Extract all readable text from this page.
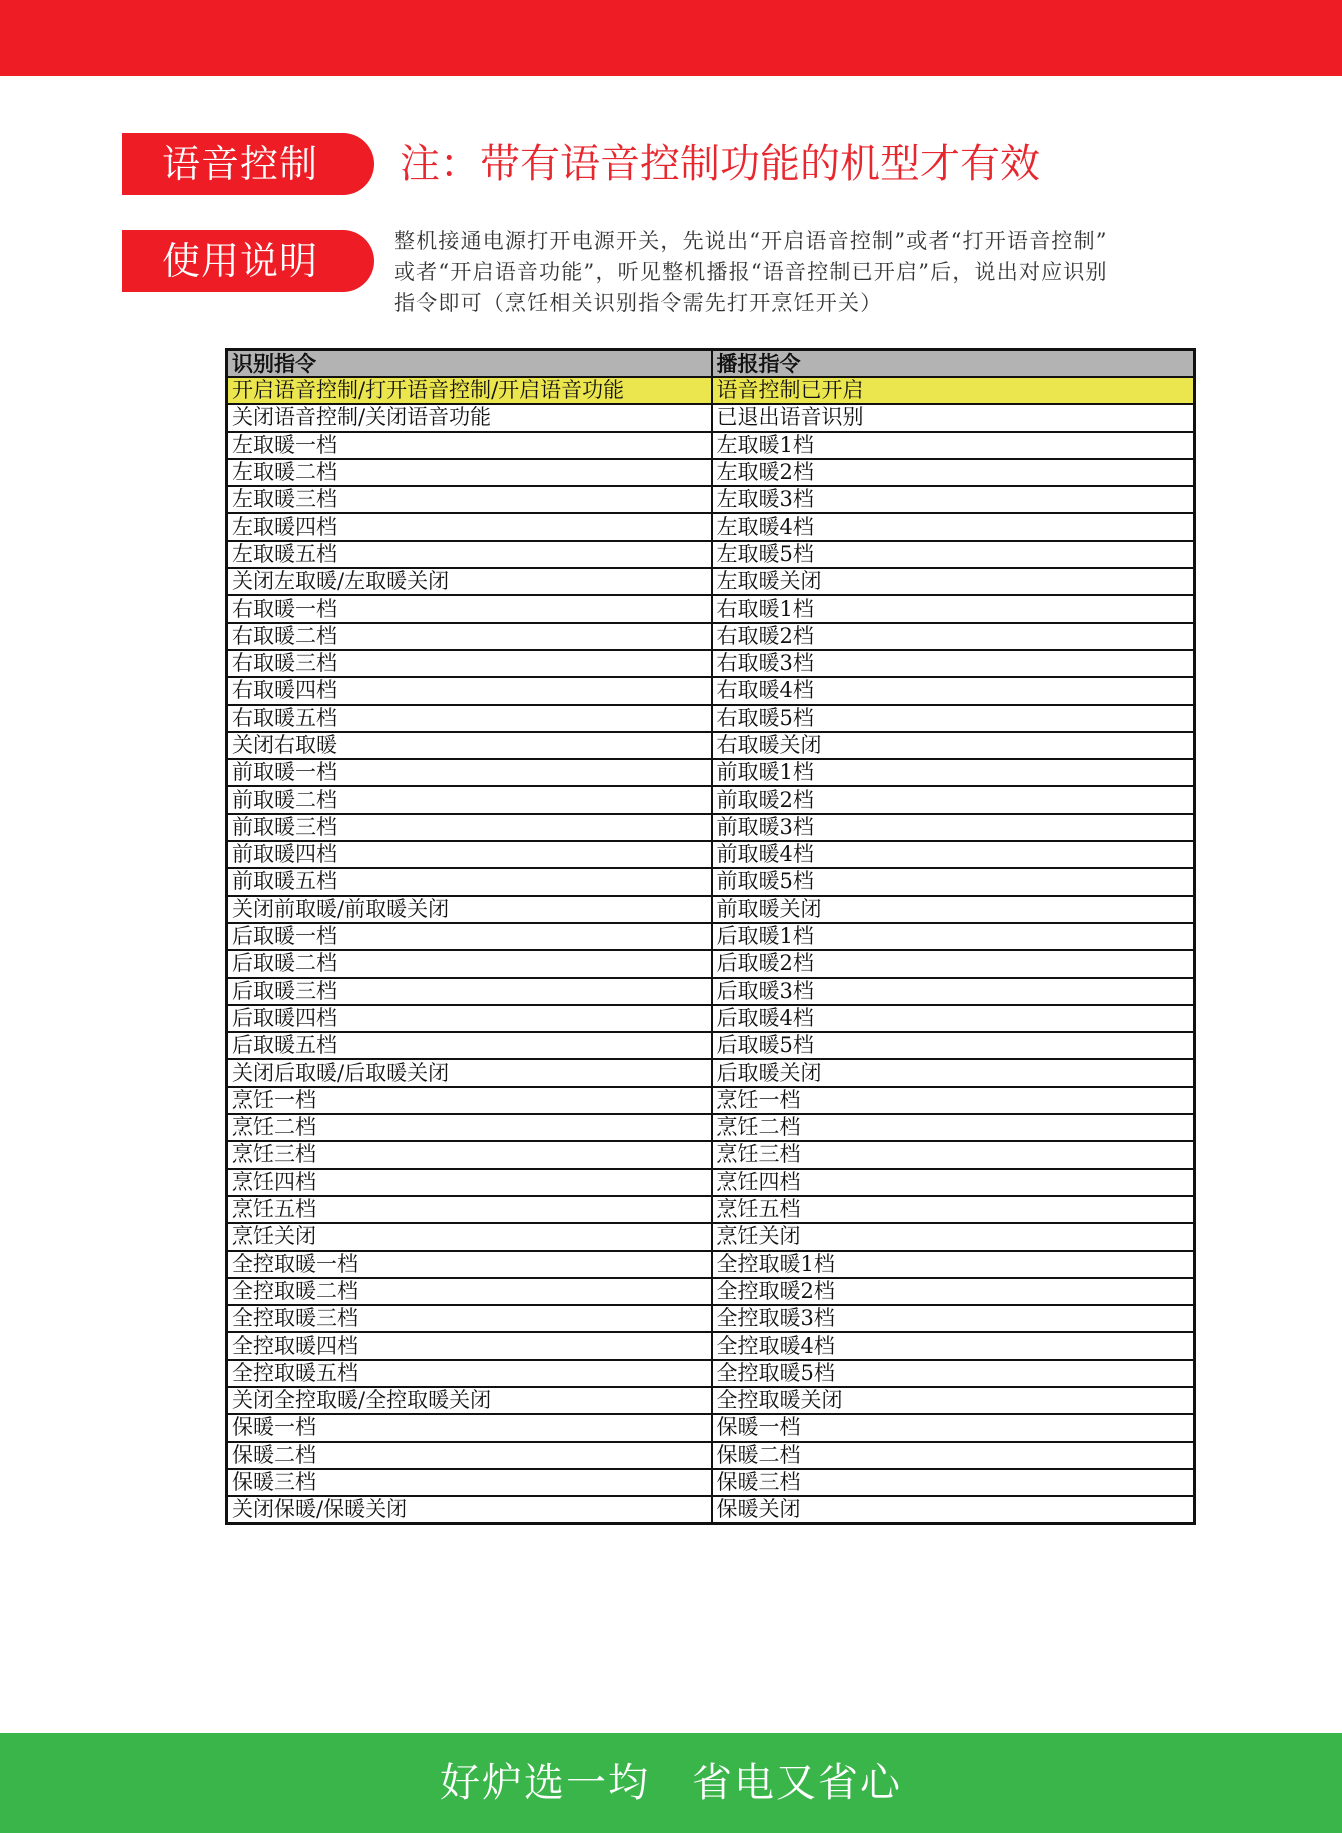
语音控制	注：带有语音控制功能的机型才有效
使用说明	整机接通电源打开电源开关，先说出“开启语音控制”或者“打开语音控制”
或者“开启语音功能”，听见整机播报“语音控制已开启”后，说出对应识别
指令即可（烹饪相关识别指令需先打开烹饪开关）
识别指令	播报指令
开启语音控制/打开语音控制/开启语音功能	语音控制已开启
关闭语音控制/关闭语音功能	已退出语音识别
左取暖一档	左取暖1档
左取暖二档	左取暖2档
左取暖三档	左取暖3档
左取暖四档	左取暖4档
左取暖五档	左取暖5档
关闭左取暖/左取暖关闭	左取暖关闭
右取暖一档	右取暖1档
右取暖二档	右取暖2档
右取暖三档	右取暖3档
右取暖四档	右取暖4档
右取暖五档	右取暖5档
关闭右取暖	右取暖关闭
前取暖一档	前取暖1档
前取暖二档	前取暖2档
前取暖三档	前取暖3档
前取暖四档	前取暖4档
前取暖五档	前取暖5档
关闭前取暖/前取暖关闭	前取暖关闭
后取暖一档	后取暖1档
后取暖二档	后取暖2档
后取暖三档	后取暖3档
后取暖四档	后取暖4档
后取暖五档	后取暖5档
关闭后取暖/后取暖关闭	后取暖关闭
烹饪一档	烹饪一档
烹饪二档	烹饪二档
烹饪三档	烹饪三档
烹饪四档	烹饪四档
烹饪五档	烹饪五档
烹饪关闭	烹饪关闭
全控取暖一档	全控取暖1档
全控取暖二档	全控取暖2档
全控取暖三档	全控取暖3档
全控取暖四档	全控取暖4档
全控取暖五档	全控取暖5档
关闭全控取暖/全控取暖关闭	全控取暖关闭
保暖一档	保暖一档
保暖二档	保暖二档
保暖三档	保暖三档
关闭保暖/保暖关闭	保暖关闭
好炉选一均　省电又省心
